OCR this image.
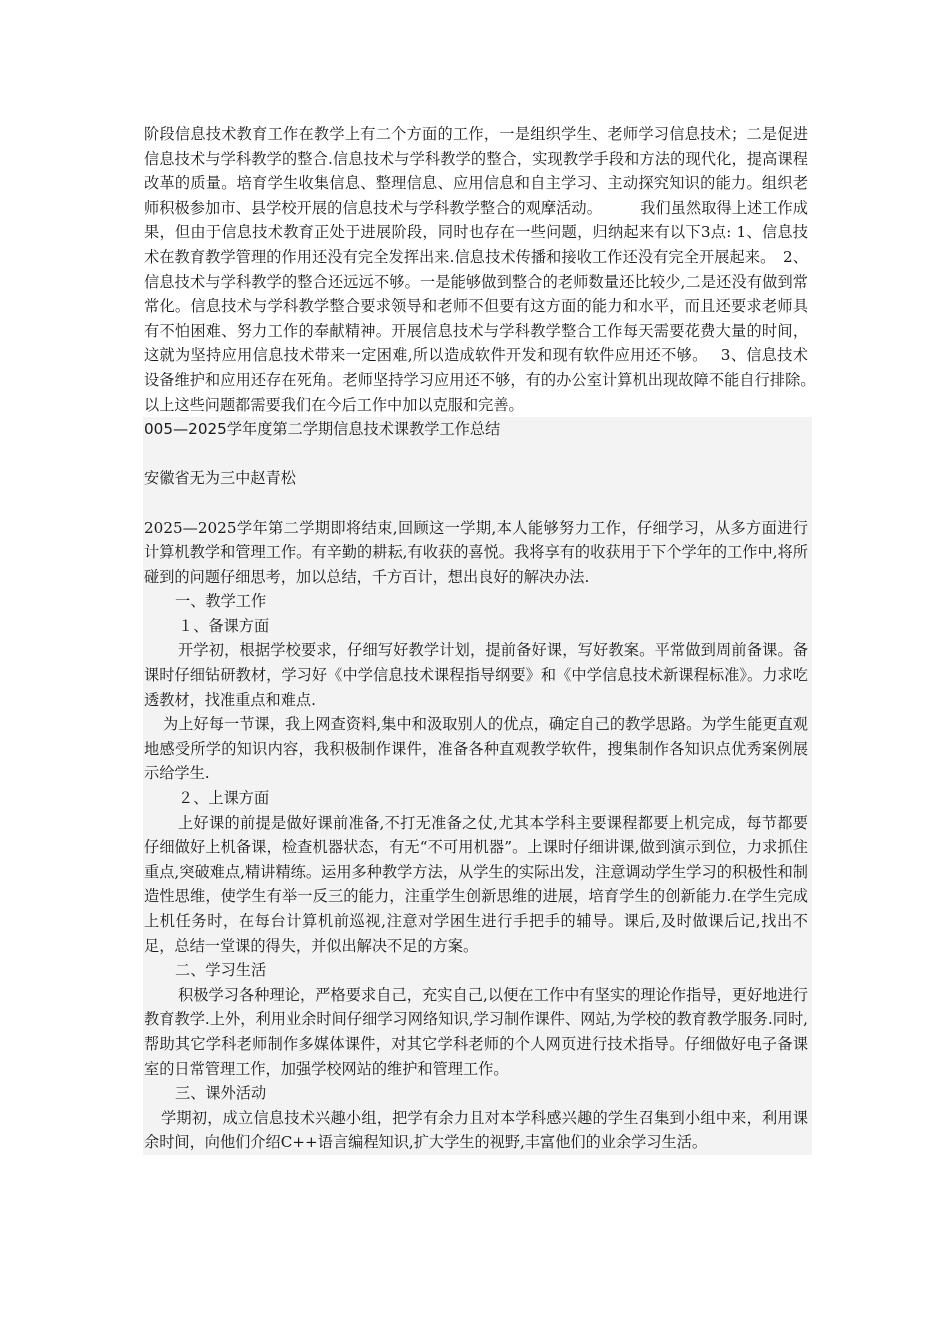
阶段信息技术教育工作在教学上有二个方面的工作，一是组织学生、老师学习信息技术；二是促进信息技术与学科教学的整合.信息技术与学科教学的整合，实现教学手段和方法的现代化，提高课程改革的质量。培育学生收集信息、整理信息、应用信息和自主学习、主动探究知识的能力。组织老师积极参加市、县学校开展的信息技术与学科教学整合的观摩活动。　　　我们虽然取得上述工作成果，但由于信息技术教育正处于进展阶段，同时也存在一些问题，归纳起来有以下3点: 1、信息技术在教育教学管理的作用还没有完全发挥出来.信息技术传播和接收工作还没有完全开展起来。　2、信息技术与学科教学的整合还远远不够。一是能够做到整合的老师数量还比较少,二是还没有做到常常化。信息技术与学科教学整合要求领导和老师不但要有这方面的能力和水平，而且还要求老师具有不怕困难、努力工作的奉献精神。开展信息技术与学科教学整合工作每天需要花费大量的时间，这就为坚持应用信息技术带来一定困难,所以造成软件开发和现有软件应用还不够。　 3、信息技术设备维护和应用还存在死角。老师坚持学习应用还不够，有的办公室计算机出现故障不能自行排除。　　　以上这些问题都需要我们在今后工作中加以克服和完善。

005—2025学年度第二学期信息技术课教学工作总结

安徽省无为三中赵青松

2025—2025学年第二学期即将结束,回顾这一学期,本人能够努力工作，仔细学习，从多方面进行计算机教学和管理工作。有辛勤的耕耘,有收获的喜悦。我将享有的收获用于下个学年的工作中,将所碰到的问题仔细思考，加以总结，千方百计，想出良好的解决办法.

一、教学工作

１、备课方面

开学初，根据学校要求，仔细写好教学计划，提前备好课，写好教案。平常做到周前备课。备课时仔细钻研教材，学习好《中学信息技术课程指导纲要》和《中学信息技术新课程标准》。力求吃透教材，找准重点和难点.

为上好每一节课，我上网查资料,集中和汲取别人的优点，确定自己的教学思路。为学生能更直观地感受所学的知识内容，我积极制作课件，准备各种直观教学软件，搜集制作各知识点优秀案例展示给学生.

２、上课方面

上好课的前提是做好课前准备,不打无准备之仗,尤其本学科主要课程都要上机完成，每节都要仔细做好上机备课，检查机器状态，有无“不可用机器”。上课时仔细讲课,做到演示到位，力求抓住重点,突破难点,精讲精练。运用多种教学方法，从学生的实际出发，注意调动学生学习的积极性和制造性思维，使学生有举一反三的能力，注重学生创新思维的进展，培育学生的创新能力.在学生完成上机任务时，在每台计算机前巡视,注意对学困生进行手把手的辅导。课后,及时做课后记,找出不足，总结一堂课的得失，并似出解决不足的方案。

二、学习生活

积极学习各种理论，严格要求自己，充实自己,以便在工作中有坚实的理论作指导，更好地进行教育教学.上外，利用业余时间仔细学习网络知识,学习制作课件、网站,为学校的教育教学服务.同时,帮助其它学科老师制作多媒体课件，对其它学科老师的个人网页进行技术指导。仔细做好电子备课室的日常管理工作，加强学校网站的维护和管理工作。

三、课外活动

学期初，成立信息技术兴趣小组，把学有余力且对本学科感兴趣的学生召集到小组中来，利用课余时间，向他们介绍C++语言编程知识,扩大学生的视野,丰富他们的业余学习生活。
